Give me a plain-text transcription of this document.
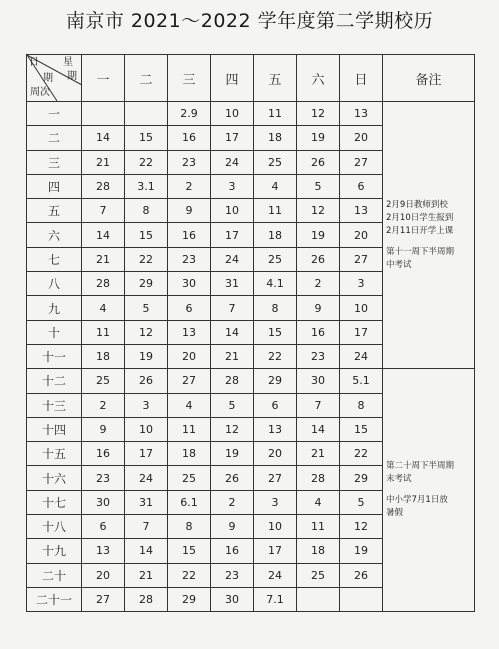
南京市 2021～2022 学年度第二学期校历
日 星
期
期
周次	一	二	三	四	五	六	日	备注
一			2.9	10	11	12	13	2月9日教师到校
2月10日学生报到
2月11日开学上课
第十一周下半周期
中考试

二	14	15	16	17	18	19	20	
三	21	22	23	24	25	26	27	
四	28	3.1	2	3	4	5	6	
五	7	8	9	10	11	12	13	
六	14	15	16	17	18	19	20	
七	21	22	23	24	25	26	27	
八	28	29	30	31	4.1	2	3	
九	4	5	6	7	8	9	10	
十	11	12	13	14	15	16	17	
十一	18	19	20	21	22	23	24	
十二	25	26	27	28	29	30	5.1	第二十周下半周期
末考试
中小学7月1日放
暑假

十三	2	3	4	5	6	7	8	
十四	9	10	11	12	13	14	15	
十五	16	17	18	19	20	21	22	
十六	23	24	25	26	27	28	29	
十七	30	31	6.1	2	3	4	5	
十八	6	7	8	9	10	11	12	
十九	13	14	15	16	17	18	19	
二十	20	21	22	23	24	25	26	
二十一	27	28	29	30	7.1			
